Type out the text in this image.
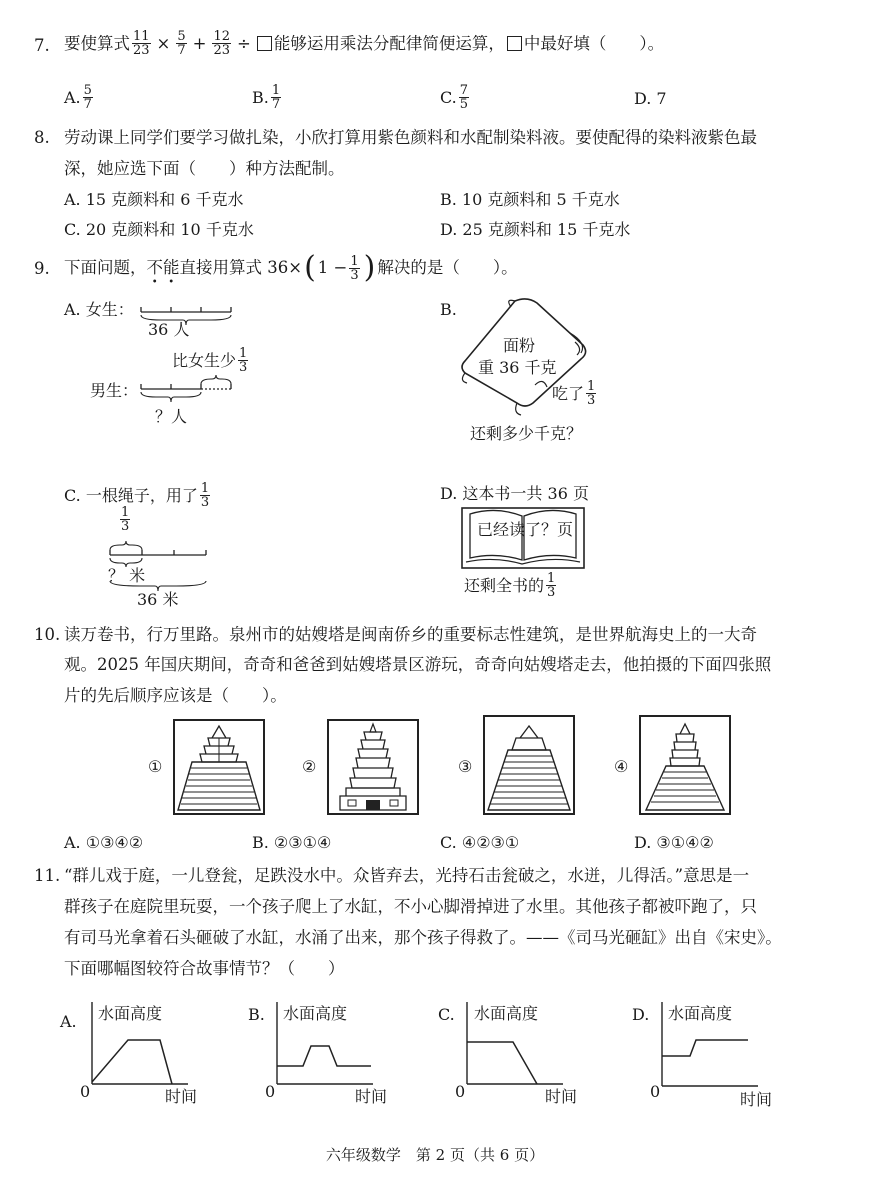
7. 要使算式 $\frac{11}{23} \times \frac{5}{7} + \frac{12}{23}$ ÷ 能够运用乘法分配律简便运算， 中最好填（　　）。
A. $\frac{5}{7}$	B. $\frac{1}{7}$	C. $\frac{7}{5}$	D. 7
8. 劳动课上同学们要学习做扎染，小欣打算用紫色颜料和水配制染料液。要使配得的染料液紫色最
深，她应选下面（　　）种方法配制。
A. 15 克颜料和 6 千克水	B. 10 克颜料和 5 千克水
C. 20 克颜料和 10 千克水	D. 25 克颜料和 15 千克水
9. 下面问题， 不 • 能 • 直接用算式 36× ( $1 - \frac{1}{3}$ ) 解决的是（　　）。
A. 女生：
36 人
比女生少 $\frac{1}{3}$
男生：
？人
B.
面粉
重 36 千克
吃了 $\frac{1}{3}$
还剩多少千克？
C. 一根绳子，用了 $\frac{1}{3}$
$\frac{1}{3}$
？ 米
36 米
D. 这本书一共 36 页
已经读了？页
还剩全书的 $\frac{1}{3}$
10. 读万卷书，行万里路。泉州市的姑嫂塔是闽南侨乡的重要标志性建筑，是世界航海史上的一大奇
观。2025 年国庆期间，奇奇和爸爸到姑嫂塔景区游玩，奇奇向姑嫂塔走去，他拍摄的下面四张照
片的先后顺序应该是（　　）。
①	②	③	④
A. ①③④②	B. ②③①④	C. ④②③①	D. ③①④②
11. “群儿戏于庭，一儿登瓮，足跌没水中。众皆弃去，光持石击瓮破之，水迸，儿得活。”意思是一
群孩子在庭院里玩耍，一个孩子爬上了水缸，不小心脚滑掉进了水里。其他孩子都被吓跑了，只
有司马光拿着石头砸破了水缸，水涌了出来，那个孩子得救了。——《司马光砸缸》出自《宋史》。
下面哪幅图较符合故事情节？（　　）
A. 水面高度
0	时间
B. 水面高度
0	时间
C. 水面高度
0	时间
D. 水面高度
0	时间
六年级数学　第 2 页（共 6 页）
